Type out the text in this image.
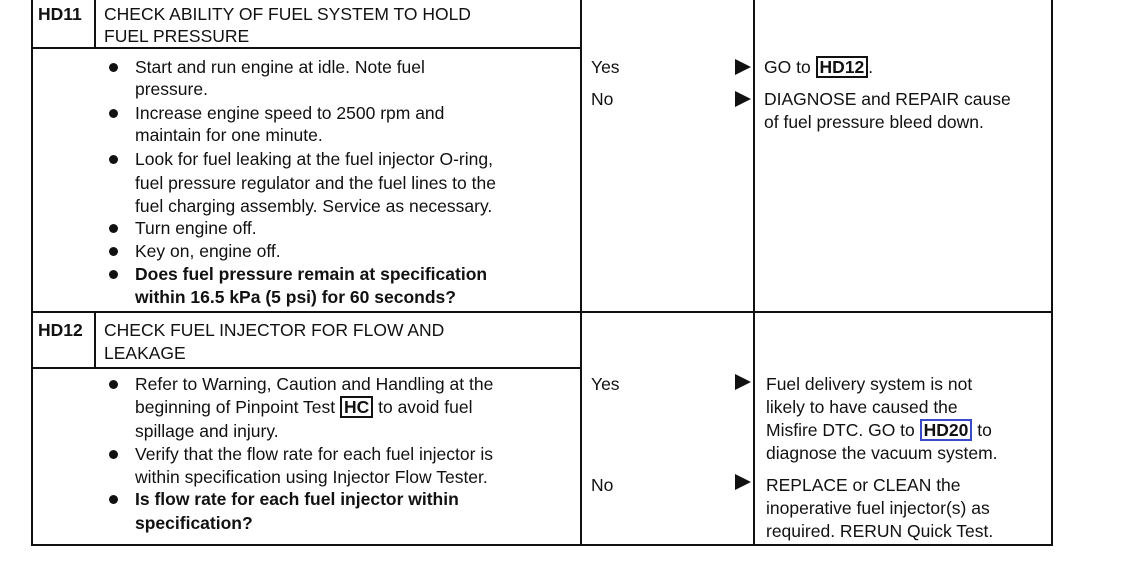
HD11 CHECK ABILITY OF FUEL SYSTEM TO HOLD
FUEL PRESSURE
Start and run engine at idle. Note fuel
pressure.
Increase engine speed to 2500 rpm and
maintain for one minute.
Look for fuel leaking at the fuel injector O-ring,
fuel pressure regulator and the fuel lines to the
fuel charging assembly. Service as necessary.
Turn engine off.
Key on, engine off.
Does fuel pressure remain at specification
within 16.5 kPa (5 psi) for 60 seconds?
Yes	GO to HD12 .
No	DIAGNOSE and REPAIR cause
of fuel pressure bleed down.
HD12 CHECK FUEL INJECTOR FOR FLOW AND
LEAKAGE
Refer to Warning, Caution and Handling at the
beginning of Pinpoint Test HC to avoid fuel
spillage and injury.
Verify that the flow rate for each fuel injector is
within specification using Injector Flow Tester.
Is flow rate for each fuel injector within
specification?
Yes	Fuel delivery system is not
likely to have caused the
Misfire DTC. GO to HD20 to
diagnose the vacuum system.
No	REPLACE or CLEAN the
inoperative fuel injector(s) as
required. RERUN Quick Test.
